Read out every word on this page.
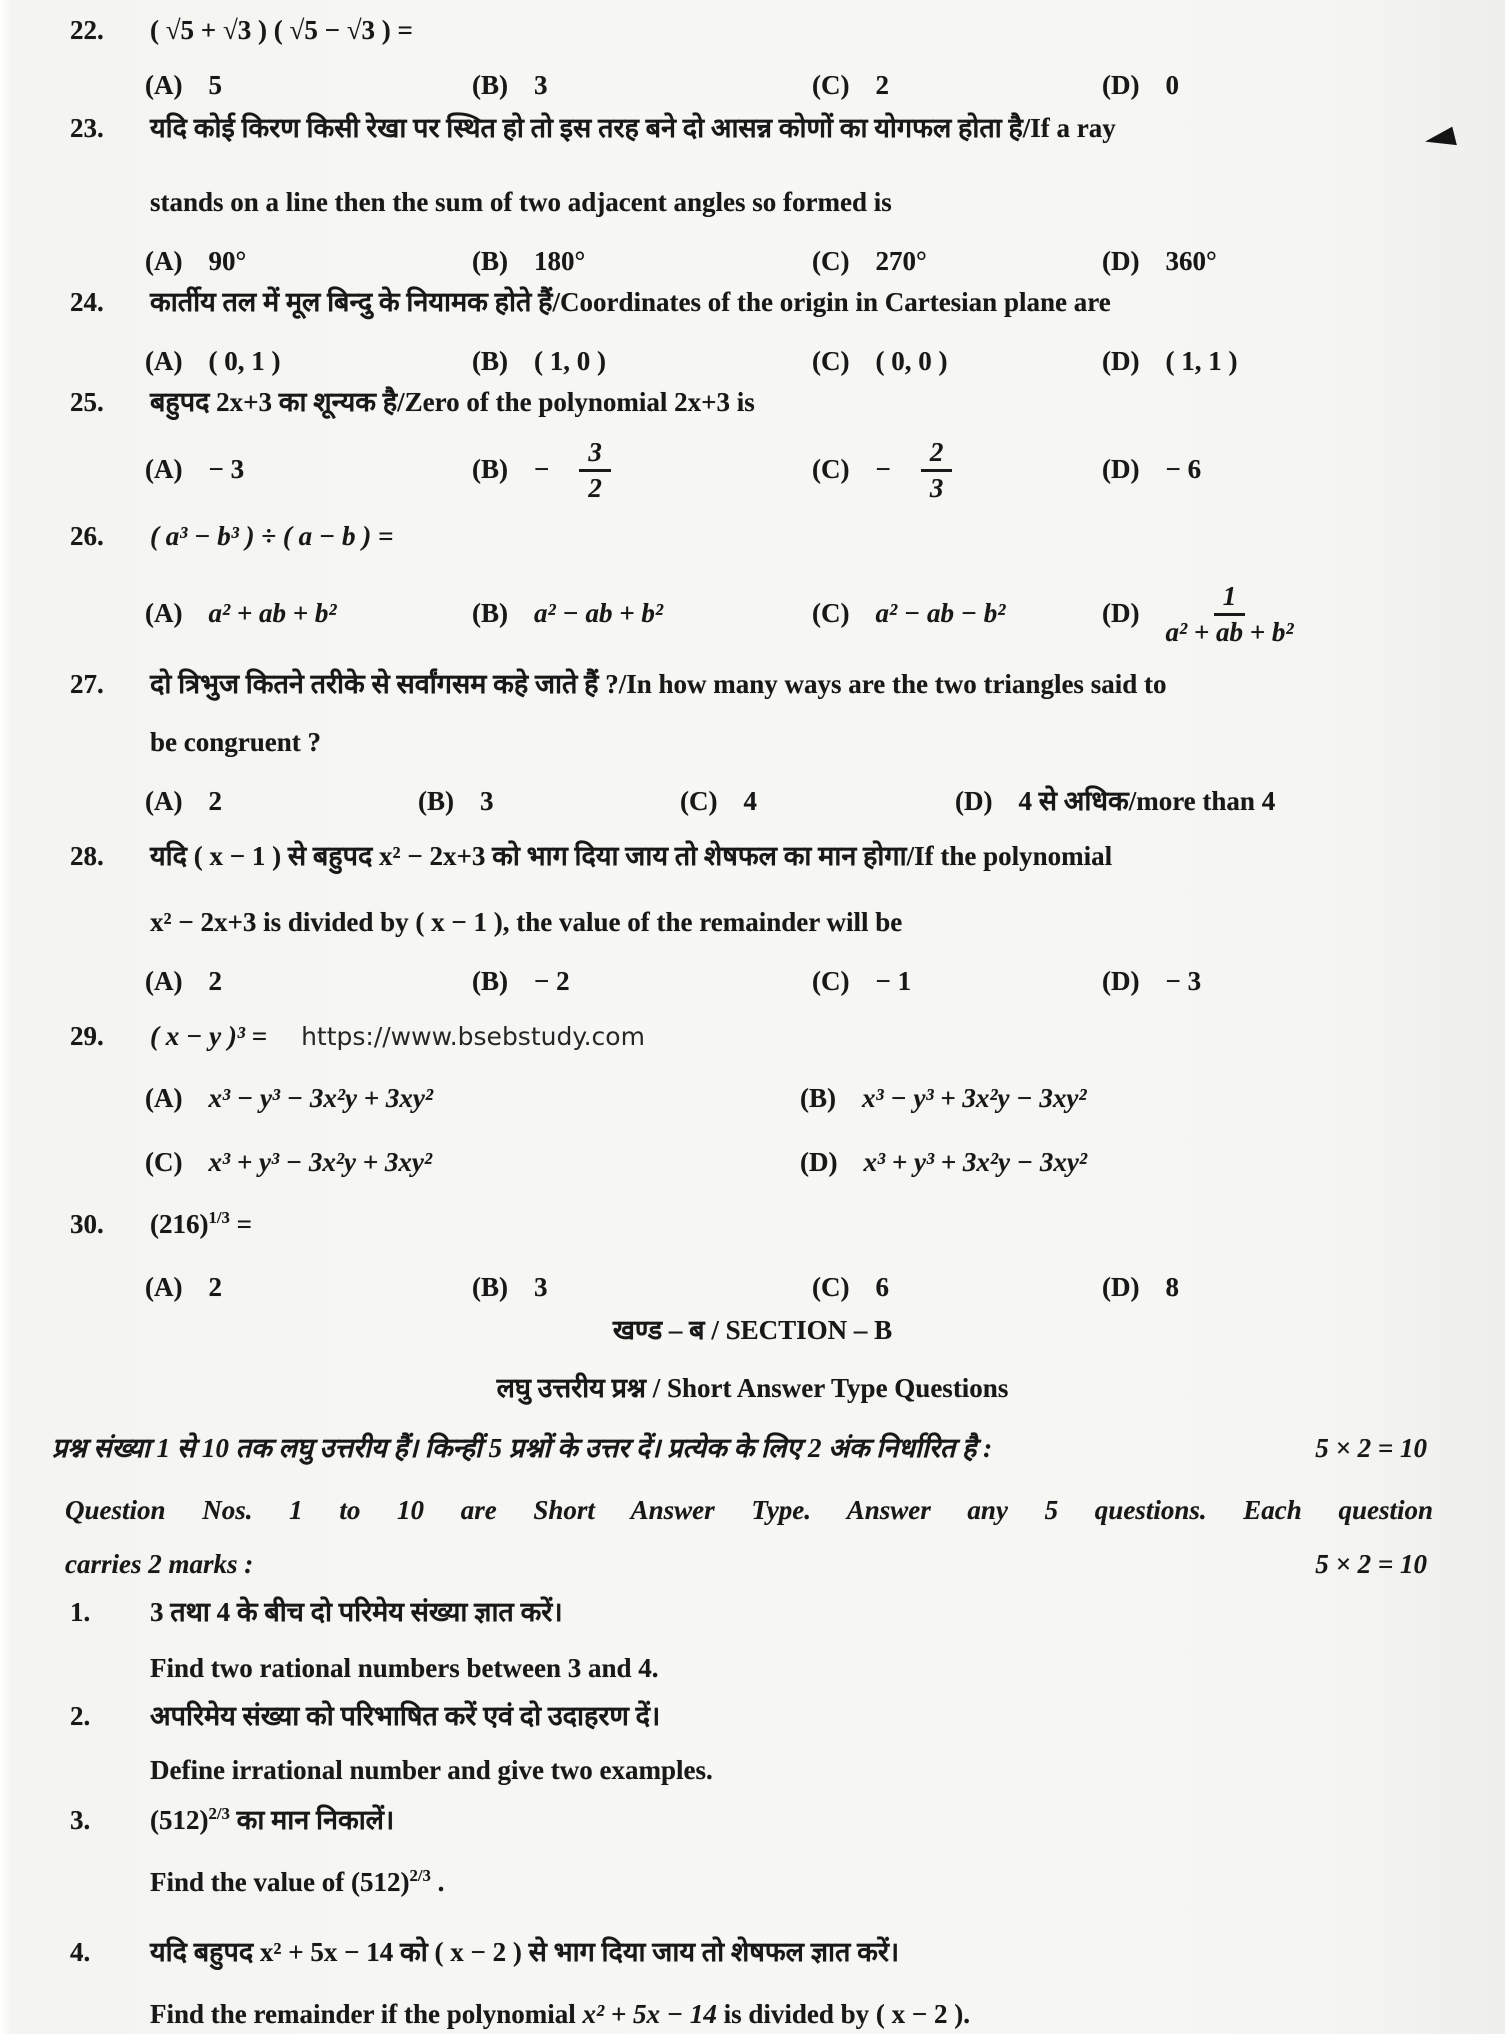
22. ( √5 + √3 ) ( √5 − √3 ) =
(A) 5	(B) 3	(C) 2	(D) 0
23. यदि कोई किरण किसी रेखा पर स्थित हो तो इस तरह बने दो आसन्न कोणों का योगफल होता है/If a ray
stands on a line then the sum of two adjacent angles so formed is
(A) 90°	(B) 180°	(C) 270°	(D) 360°
24. कार्तीय तल में मूल बिन्दु के नियामक होते हैं/Coordinates of the origin in Cartesian plane are
(A) ( 0, 1 )	(B) ( 1, 0 )	(C) ( 0, 0 )	(D) ( 1, 1 )
25. बहुपद 2x+3 का शून्यक है/Zero of the polynomial 2x+3 is
(A) − 3	$(B) - \frac{3}{2}$	$(C) - \frac{2}{3}$	(D) − 6
26. ( a³ − b³ ) ÷ ( a − b ) =
(A) a² + ab + b²	(B) a² − ab + b²	(C) a² − ab − b²	$(D) \frac{1}{\text{a² + ab + b²}}$
27. दो त्रिभुज कितने तरीके से सर्वांगसम कहे जाते हैं ?/In how many ways are the two triangles said to
be congruent ?
(A) 2	(B) 3	(C) 4	(D) 4 से अधिक/more than 4
28. यदि ( x − 1 ) से बहुपद x² − 2x+3 को भाग दिया जाय तो शेषफल का मान होगा/If the polynomial
x² − 2x+3 is divided by ( x − 1 ), the value of the remainder will be
(A) 2	(B) − 2	(C) − 1	(D) − 3
29. ( x − y )³ = https://www.bsebstudy.com
(A) x³ − y³ − 3x²y + 3xy²	(B) x³ − y³ + 3x²y − 3xy²
(C) x³ + y³ − 3x²y + 3xy²	(D) x³ + y³ + 3x²y − 3xy²
30. $(216)^{1/3}$ =
(A) 2	(B) 3	(C) 6	(D) 8
खण्ड – ब / SECTION – B
लघु उत्तरीय प्रश्न / Short Answer Type Questions
प्रश्न संख्या 1 से 10 तक लघु उत्तरीय हैं। किन्हीं 5 प्रश्नों के उत्तर दें। प्रत्येक के लिए 2 अंक निर्धारित है :	5 × 2 = 10
Question Nos. 1 to 10 are Short Answer Type. Answer any 5 questions. Each question
carries 2 marks :	5 × 2 = 10
1. 3 तथा 4 के बीच दो परिमेय संख्या ज्ञात करें।
Find two rational numbers between 3 and 4.
2. अपरिमेय संख्या को परिभाषित करें एवं दो उदाहरण दें।
Define irrational number and give two examples.
3. $(512)^{2/3}$ का मान निकालें।
Find the value of $(512)^{2/3}$ .
4. यदि बहुपद x² + 5x − 14 को ( x − 2 ) से भाग दिया जाय तो शेषफल ज्ञात करें।
Find the remainder if the polynomial x² + 5x − 14 is divided by ( x − 2 ).
